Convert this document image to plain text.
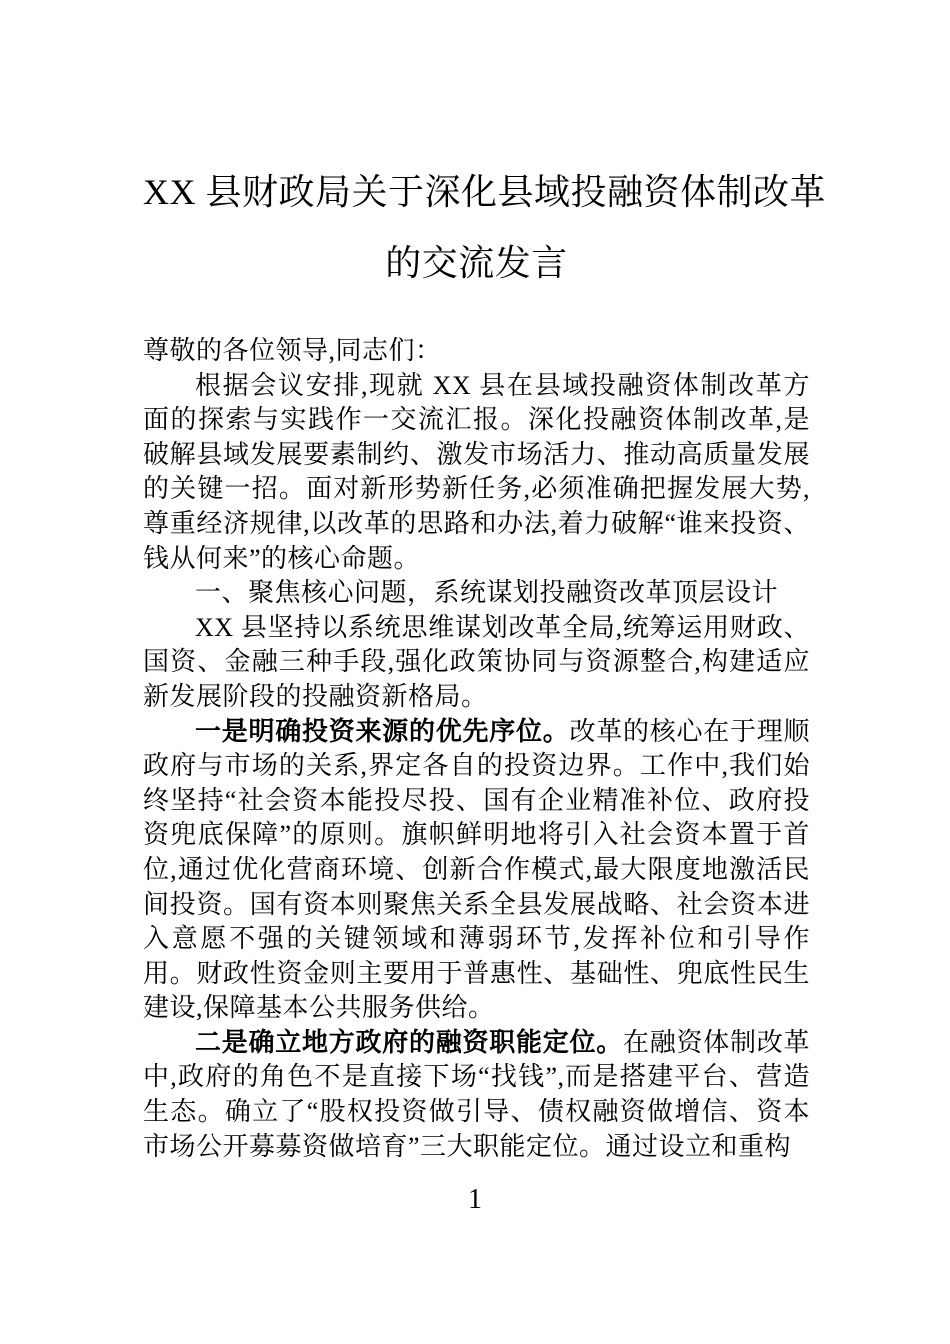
XX 县财政局关于深化县域投融资体制改革
的交流发言

尊敬的各位领导,同志们：

根据会议安排,现就 XX 县在县域投融资体制改革方面的探索与实践作一交流汇报。深化投融资体制改革,是破解县域发展要素制约、激发市场活力、推动高质量发展的关键一招。面对新形势新任务,必须准确把握发展大势,尊重经济规律,以改革的思路和办法,着力破解“谁来投资、钱从何来”的核心命题。

一、聚焦核心问题，系统谋划投融资改革顶层设计

XX 县坚持以系统思维谋划改革全局,统筹运用财政、国资、金融三种手段,强化政策协同与资源整合,构建适应新发展阶段的投融资新格局。

一是明确投资来源的优先序位。改革的核心在于理顺政府与市场的关系,界定各自的投资边界。工作中,我们始终坚持“社会资本能投尽投、国有企业精准补位、政府投资兜底保障”的原则。旗帜鲜明地将引入社会资本置于首位,通过优化营商环境、创新合作模式,最大限度地激活民间投资。国有资本则聚焦关系全县发展战略、社会资本进入意愿不强的关键领域和薄弱环节,发挥补位和引导作用。财政性资金则主要用于普惠性、基础性、兜底性民生建设,保障基本公共服务供给。

二是确立地方政府的融资职能定位。在融资体制改革中,政府的角色不是直接下场“找钱”,而是搭建平台、营造生态。确立了“股权投资做引导、债权融资做增信、资本市场公开募募资做培育”三大职能定位。通过设立和重构

1
